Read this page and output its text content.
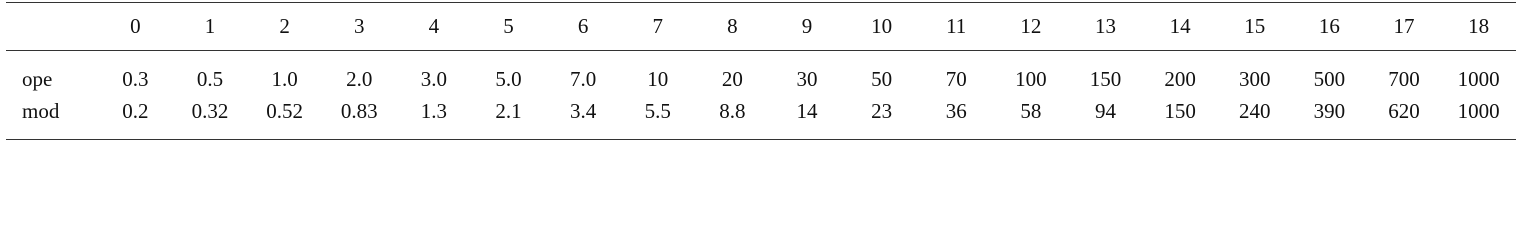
	0	1	2	3	4	5	6	7	8	9	10	11	12	13	14	15	16	17	18
ope	0.3	0.5	1.0	2.0	3.0	5.0	7.0	10	20	30	50	70	100	150	200	300	500	700	1000
mod	0.2	0.32	0.52	0.83	1.3	2.1	3.4	5.5	8.8	14	23	36	58	94	150	240	390	620	1000
